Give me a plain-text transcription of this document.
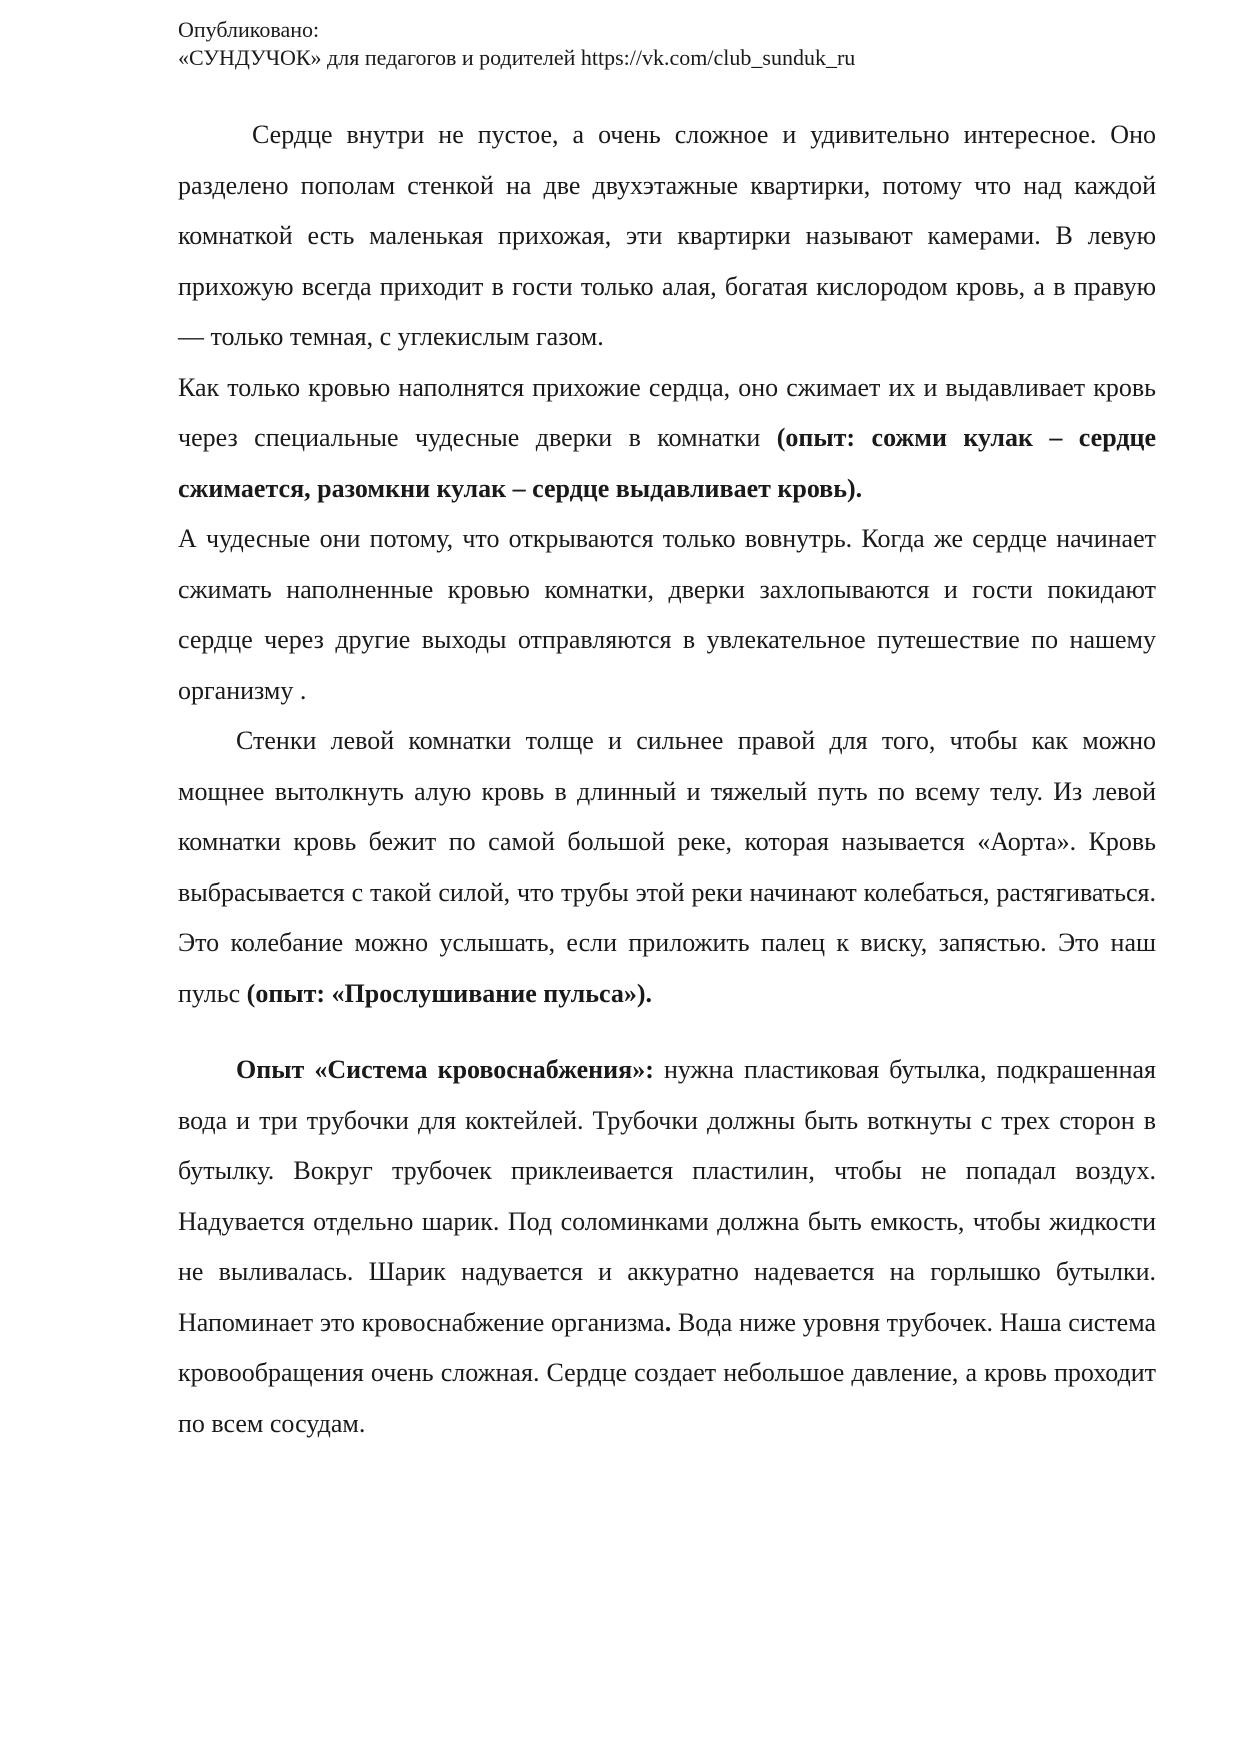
Опубликовано:
«СУНДУЧОК» для педагогов и родителей https://vk.com/club_sunduk_ru

Сердце внутри не пустое, а очень сложное и удивительно интересное. Оно разделено пополам стенкой на две двухэтажные квартирки, потому что над каждой комнаткой есть маленькая прихожая, эти квартирки называют камерами. В левую прихожую всегда приходит в гости только алая, богатая кислородом кровь, а в правую — только темная, с углекислым газом.

Как только кровью наполнятся прихожие сердца, оно сжимает их и выдавливает кровь через специальные чудесные дверки в комнатки (опыт: сожми кулак – сердце сжимается, разомкни кулак – сердце выдавливает кровь).

А чудесные они потому, что открываются только вовнутрь. Когда же сердце начинает сжимать наполненные кровью комнатки, дверки захлопываются и гости покидают сердце через другие выходы отправляются в увлекательное путешествие по нашему организму .

Стенки левой комнатки толще и сильнее правой для того, чтобы как можно мощнее вытолкнуть алую кровь в длинный и тяжелый путь по всему телу. Из левой комнатки кровь бежит по самой большой реке, которая называется «Аорта». Кровь выбрасывается с такой силой, что трубы этой реки начинают колебаться, растягиваться. Это колебание можно услышать, если приложить палец к виску, запястью. Это наш пульс (опыт: «Прослушивание пульса»).

Опыт «Система кровоснабжения»: нужна пластиковая бутылка, подкрашенная вода и три трубочки для коктейлей. Трубочки должны быть воткнуты с трех сторон в бутылку. Вокруг трубочек приклеивается пластилин, чтобы не попадал воздух. Надувается отдельно шарик. Под соломинками должна быть емкость, чтобы жидкости не выливалась. Шарик надувается и аккуратно надевается на горлышко бутылки. Напоминает это кровоснабжение организма. Вода ниже уровня трубочек. Наша система кровообращения очень сложная. Сердце создает небольшое давление, а кровь проходит по всем сосудам.
